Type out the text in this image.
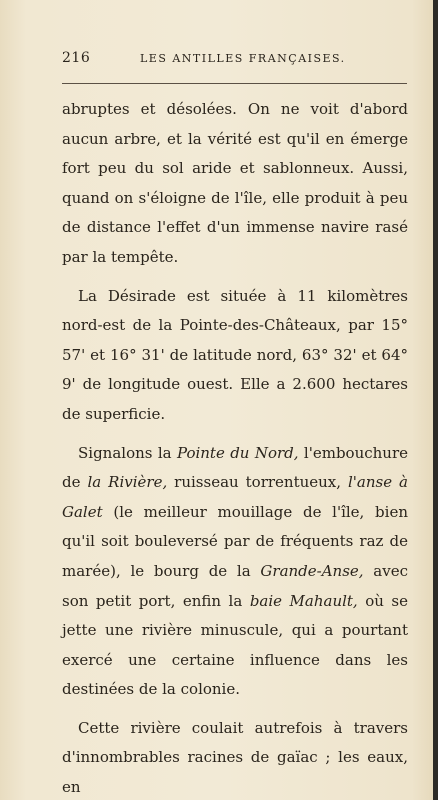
216	LES ANTILLES FRANÇAISES.

abruptes et désolées. On ne voit d'abord aucun arbre, et la vérité est qu'il en émerge fort peu du sol aride et sablonneux. Aussi, quand on s'éloigne de l'île, elle produit à peu de distance l'effet d'un immense navire rasé par la tempête.

La Désirade est située à 11 kilomètres nord-est de la Pointe-des-Châteaux, par 15° 57' et 16° 31' de latitude nord, 63° 32' et 64° 9' de longitude ouest. Elle a 2.600 hectares de superficie.

Signalons la Pointe du Nord, l'embouchure de la Rivière, ruisseau torrentueux, l'anse à Galet (le meilleur mouillage de l'île, bien qu'il soit bouleversé par de fréquents raz de marée), le bourg de la Grande-Anse, avec son petit port, enfin la baie Mahault, où se jette une rivière minuscule, qui a pourtant exercé une certaine influence dans les destinées de la colonie.

Cette rivière coulait autrefois à travers d'innombrables racines de gaïac ; les eaux, en
